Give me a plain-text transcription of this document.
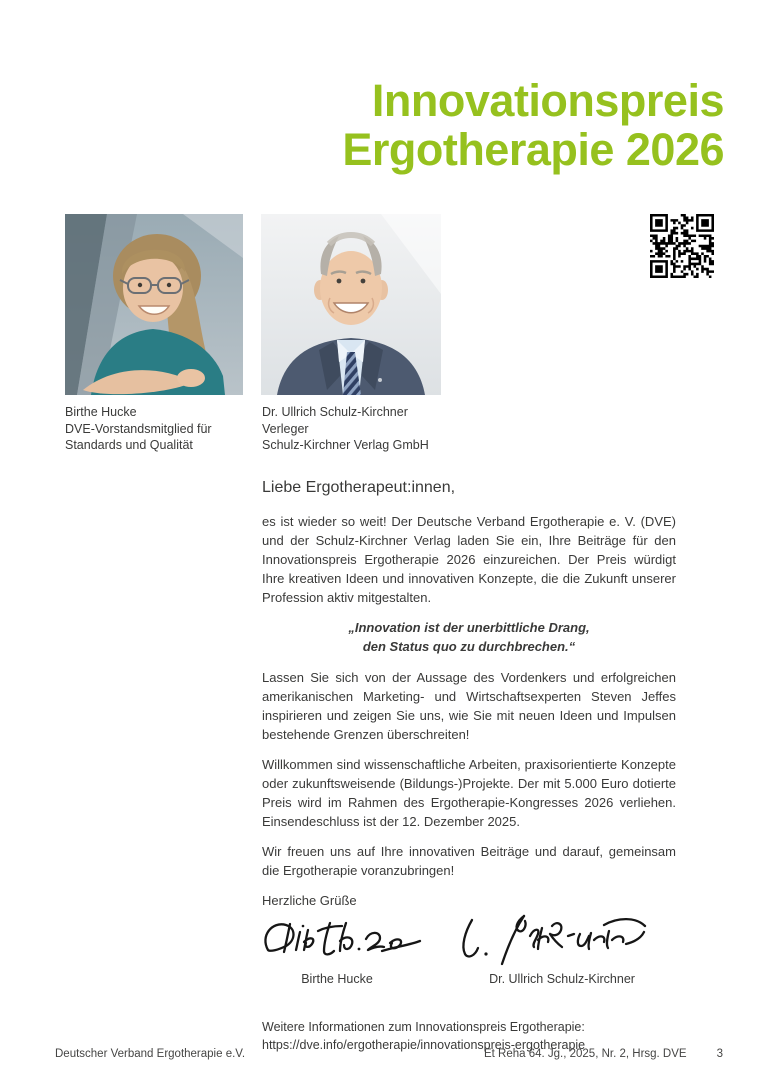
Innovationspreis
Ergotherapie 2026
Birthe Hucke
DVE-Vorstandsmitglied für
Standards und Qualität
Dr. Ullrich Schulz-Kirchner
Verleger
Schulz-Kirchner Verlag GmbH
Liebe Ergotherapeut:innen,

es ist wieder so weit! Der Deutsche Verband Ergotherapie e. V. (DVE) und der Schulz-Kirchner Verlag laden Sie ein, Ihre Beiträge für den Innovationspreis Ergotherapie 2026 einzureichen. Der Preis würdigt Ihre kreativen Ideen und innovativen Konzepte, die die Zukunft unserer Profession aktiv mitgestalten.

„Innovation ist der unerbittliche Drang,
den Status quo zu durchbrechen.“

Lassen Sie sich von der Aussage des Vordenkers und erfolgreichen amerikanischen Marketing- und Wirtschaftsexperten Steven Jeffes inspirieren und zeigen Sie uns, wie Sie mit neuen Ideen und Impulsen bestehende Grenzen überschreiten!

Willkommen sind wissenschaftliche Arbeiten, praxisorientierte Konzepte oder zukunftsweisende (Bildungs-)Projekte. Der mit 5.000 Euro dotierte Preis wird im Rahmen des Ergotherapie-Kongresses 2026 verliehen. Einsendeschluss ist der 12. Dezember 2025.

Wir freuen uns auf Ihre innovativen Beiträge und darauf, gemeinsam die Ergotherapie voranzubringen!

Herzliche Grüße
Birthe Hucke	Dr. Ullrich Schulz-Kirchner
Weitere Informationen zum Innovationspreis Ergotherapie:
https://dve.info/ergotherapie/innovationspreis-ergotherapie
Deutscher Verband Ergotherapie e.V.	Et Reha 64. Jg., 2025, Nr. 2, Hrsg. DVE	3
